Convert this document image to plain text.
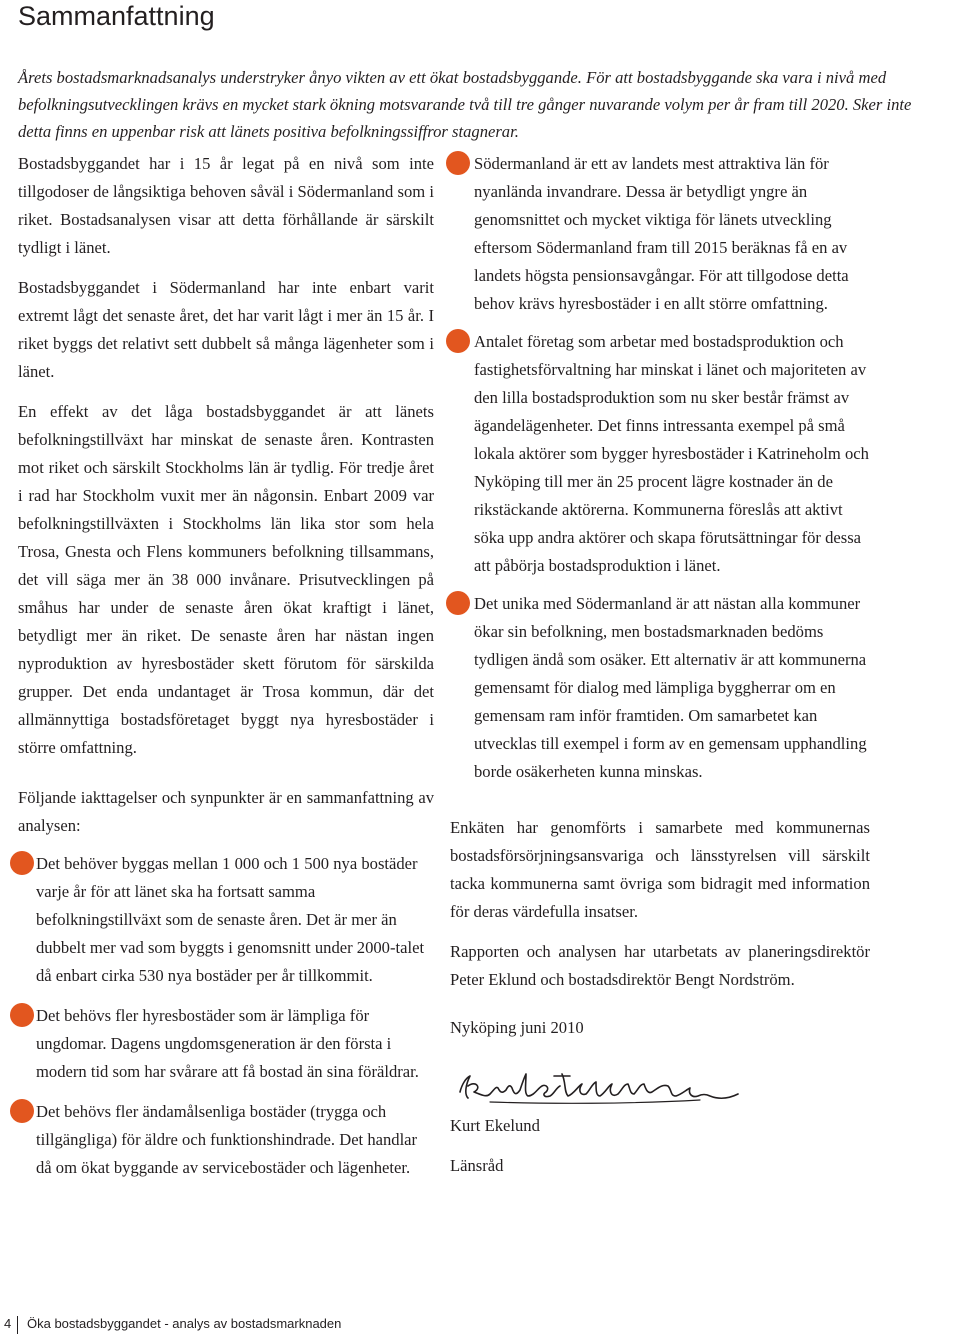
Sammanfattning

Årets bostadsmarknadsanalys understryker ånyo vikten av ett ökat bostadsbyggande. För att bostadsbyggande ska vara i nivå med befolkningsutvecklingen krävs en mycket stark ökning motsvarande två till tre gånger nuvarande volym per år fram till 2020. Sker inte detta finns en uppenbar risk att länets positiva befolkningssiffror stagnerar.

Bostadsbyggandet har i 15 år legat på en nivå som inte tillgodoser de långsiktiga behoven såväl i Södermanland som i riket. Bostadsanalysen visar att detta förhållande är särskilt tydligt i länet.

Bostadsbyggandet i Södermanland har inte enbart varit extremt lågt det senaste året, det har varit lågt i mer än 15 år. I riket byggs det relativt sett dubbelt så många lägenheter som i länet.

En effekt av det låga bostadsbyggandet är att länets befolkningstillväxt har minskat de senaste åren. Kontrasten mot riket och särskilt Stockholms län är tydlig. För tredje året i rad har Stockholm vuxit mer än någonsin. Enbart 2009 var befolkningstillväxten i Stockholms län lika stor som hela Trosa, Gnesta och Flens kommuners befolkning tillsammans, det vill säga mer än 38 000 invånare. Prisutvecklingen på småhus har under de senaste åren ökat kraftigt i länet, betydligt mer än riket. De senaste åren har nästan ingen nyproduktion av hyresbostäder skett förutom för särskilda grupper. Det enda undantaget är Trosa kommun, där det allmännyttiga bostadsföretaget byggt nya hyresbostäder i större omfattning.

Följande iakttagelser och synpunkter är en sammanfattning av analysen:

Det behöver byggas mellan 1 000 och 1 500 nya bostäder varje år för att länet ska ha fortsatt samma befolkningstillväxt som de senaste åren. Det är mer än dubbelt mer vad som byggts i genomsnitt under 2000-talet då enbart cirka 530 nya bostäder per år tillkommit.
Det behövs fler hyresbostäder som är lämpliga för ungdomar. Dagens ungdomsgeneration är den första i modern tid som har svårare att få bostad än sina föräldrar.
Det behövs fler ändamålsenliga bostäder (trygga och tillgängliga) för äldre och funktionshindrade. Det handlar då om ökat byggande av servicebostäder och lägenheter.
Södermanland är ett av landets mest attraktiva län för nyanlända invandrare. Dessa är betydligt yngre än genomsnittet och mycket viktiga för länets utveckling eftersom Södermanland fram till 2015 beräknas få en av landets högsta pensionsavgångar. För att tillgodose detta behov krävs hyresbostäder i en allt större omfattning.
Antalet företag som arbetar med bostadsproduktion och fastighetsförvaltning har minskat i länet och majoriteten av den lilla bostadsproduktion som nu sker består främst av ägandelägenheter. Det finns intressanta exempel på små lokala aktörer som bygger hyresbostäder i Katrineholm och Nyköping till mer än 25 procent lägre kostnader än de rikstäckande aktörerna. Kommunerna föreslås att aktivt söka upp andra aktörer och skapa förutsättningar för dessa att påbörja bostadsproduktion i länet.
Det unika med Södermanland är att nästan alla kommuner ökar sin befolkning, men bostadsmarknaden bedöms tydligen ändå som osäker. Ett alternativ är att kommunerna gemensamt för dialog med lämpliga byggherrar om en gemensam ram inför framtiden. Om samarbetet kan utvecklas till exempel i form av en gemensam upphandling borde osäkerheten kunna minskas.

Enkäten har genomförts i samarbete med kommunernas bostadsförsörjningsansvariga och länsstyrelsen vill särskilt tacka kommunerna samt övriga som bidragit med information för deras värdefulla insatser.

Rapporten och analysen har utarbetats av planeringsdirektör Peter Eklund och bostadsdirektör Bengt Nordström.

Nyköping juni 2010

Kurt Ekelund

Länsråd

4 Öka bostadsbyggandet - analys av bostadsmarknaden
